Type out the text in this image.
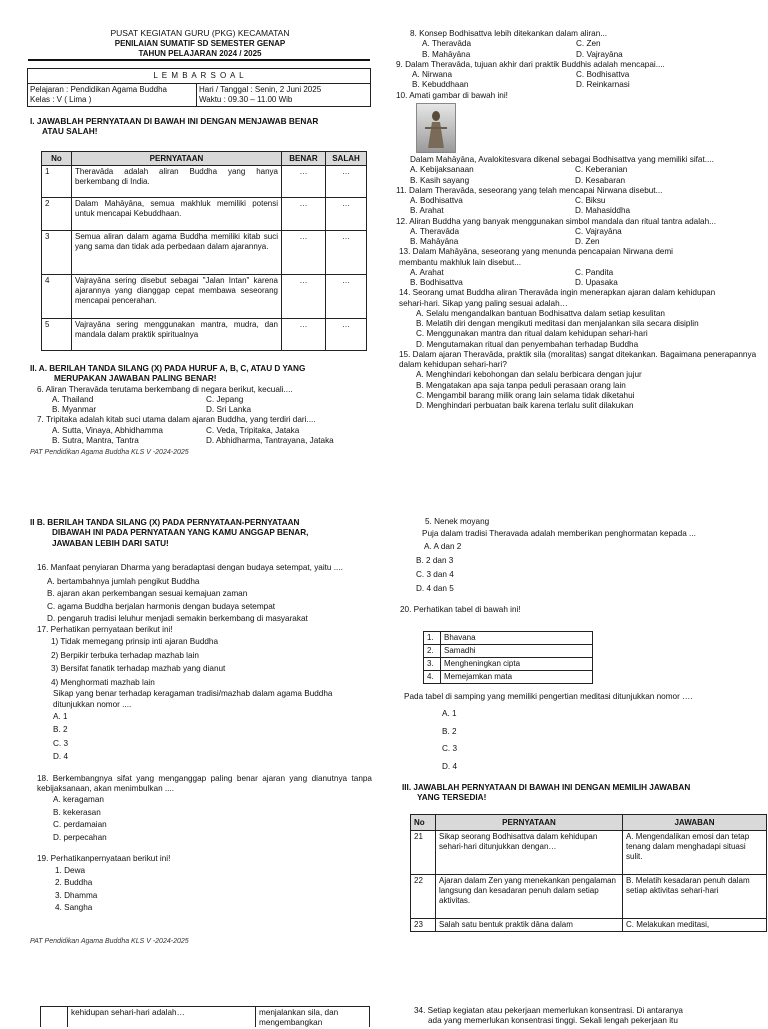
PUSAT KEGIATAN GURU (PKG) KECAMATAN
PENILAIAN SUMATIF SD SEMESTER GENAP
TAHUN PELAJARAN 2024 / 2025
L E M B A R S O A L

Pelajaran : Pendidikan Agama Buddha
Kelas : V ( Lima )

Hari / Tanggal : Senin, 2 Juni 2025
Waktu : 09.30 – 11.00 Wib
I. JAWABLAH PERNYATAAN DI BAWAH INI DENGAN MENJAWAB BENAR
ATAU SALAH!
No	PERNYATAAN	BENAR	SALAH
1	Theravāda adalah aliran Buddha yang hanya berkembang di India.	…	…
2	Dalam Mahāyāna, semua makhluk memiliki potensi untuk mencapai Kebuddhaan.	…	…
3	Semua aliran dalam agama Buddha memiliki kitab suci yang sama dan tidak ada perbedaan dalam ajarannya.	…	…
4	Vajrayāna sering disebut sebagai "Jalan Intan" karena ajarannya yang dianggap cepat membawa seseorang mencapai pencerahan.	…	…
5	Vajrayāna sering menggunakan mantra, mudra, dan mandala dalam praktik spiritualnya	…	…
II. A. BERILAH TANDA SILANG (X) PADA HURUF A, B, C, ATAU D YANG
MERUPAKAN JAWABAN PALING BENAR!
6. Aliran Theravāda terutama berkembang di negara berikut, kecuali....
A. Thailand	C. Jepang
B. Myanmar	D. Sri Lanka
7. Tripitaka adalah kitab suci utama dalam ajaran Buddha, yang terdiri dari....
A. Sutta, Vinaya, Abhidhamma	C. Veda, Tripitaka, Jataka
B. Sutra, Mantra, Tantra	D. Abhidharma, Tantrayana, Jataka
PAT Pendidikan Agama Buddha KLS V -2024-2025
8. Konsep Bodhisattva lebih ditekankan dalam aliran...
A. Theravāda	C. Zen
B. Mahāyāna	D. Vajrayāna
9. Dalam Theravāda, tujuan akhir dari praktik Buddhis adalah mencapai....
A. Nirwana	C. Bodhisattva
B. Kebuddhaan	D. Reinkarnasi
10. Amati gambar di bawah ini!
Dalam Mahāyāna, Avalokitesvara dikenal sebagai Bodhisattva yang memiliki sifat....
A. Kebijaksanaan	C. Keberanian
B. Kasih sayang	D. Kesabaran
11. Dalam Theravāda, seseorang yang telah mencapai Nirwana disebut...
A. Bodhisattva	C. Biksu
B. Arahat	D. Mahasiddha
12. Aliran Buddha yang banyak menggunakan simbol mandala dan ritual tantra adalah...
A. Theravāda	C. Vajrayāna
B. Mahāyāna	D. Zen
13. Dalam Mahāyāna, seseorang yang menunda pencapaian Nirwana demi membantu makhluk lain disebut...
A. Arahat	C. Pandita
B. Bodhisattva	D. Upasaka
14. Seorang umat Buddha aliran Theravāda ingin menerapkan ajaran dalam kehidupan sehari-hari. Sikap yang paling sesuai adalah…
A. Selalu mengandalkan bantuan Bodhisattva dalam setiap kesulitan
B. Melatih diri dengan mengikuti meditasi dan menjalankan sila secara disiplin
C. Menggunakan mantra dan ritual dalam kehidupan sehari-hari
D. Mengutamakan ritual dan penyembahan terhadap Buddha
15. Dalam ajaran Theravāda, praktik sila (moralitas) sangat ditekankan. Bagaimana penerapannya dalam kehidupan sehari-hari?
A. Menghindari kebohongan dan selalu berbicara dengan jujur
B. Mengatakan apa saja tanpa peduli perasaan orang lain
C. Mengambil barang milik orang lain selama tidak diketahui
D. Menghindari perbuatan baik karena terlalu sulit dilakukan
II B. BERILAH TANDA SILANG (X) PADA PERNYATAAN-PERNYATAAN
DIBAWAH INI PADA PERNYATAAN YANG KAMU ANGGAP BENAR,
JAWABAN LEBIH DARI SATU!
16. Manfaat penyiaran Dharma yang beradaptasi dengan budaya setempat, yaitu ....
A. bertambahnya jumlah pengikut Buddha
B. ajaran akan perkembangan sesuai kemajuan zaman
C. agama Buddha berjalan harmonis dengan budaya setempat
D. pengaruh tradisi leluhur menjadi semakin berkembang di masyarakat
17. Perhatikan pernyataan berikut ini!
1) Tidak memegang prinsip inti ajaran Buddha
2) Berpikir terbuka terhadap mazhab lain
3) Bersifat fanatik terhadap mazhab yang dianut
4) Menghormati mazhab lain
Sikap yang benar terhadap keragaman tradisi/mazhab dalam agama Buddha ditunjukkan nomor ....
A. 1
B. 2
C. 3
D. 4
18. Berkembangnya sifat yang menganggap paling benar ajaran yang dianutnya tanpa kebijaksanaan, akan menimbulkan ....
A. keragaman
B. kekerasan
C. perdamaian
D. perpecahan
19. Perhatikanpernyataan berikut ini!
1. Dewa
2. Buddha
3. Dhamma
4. Sangha
PAT Pendidikan Agama Buddha KLS V -2024-2025
5. Nenek moyang
Puja dalam tradisi Theravada adalah memberikan penghormatan kepada ...
A. A dan 2
B. 2 dan 3
C. 3 dan 4
D. 4 dan 5
20. Perhatikan tabel di bawah ini!
1.	Bhavana
2.	Samadhi
3.	Mengheningkan cipta
4.	Memejamkan mata
Pada tabel di samping yang memiliki pengertian meditasi ditunjukkan nomor ….
A. 1
B. 2
C. 3
D. 4
III. JAWABLAH PERNYATAAN DI BAWAH INI DENGAN MEMILIH JAWABAN
YANG TERSEDIA!
No	PERNYATAAN	JAWABAN
21	Sikap seorang Bodhisattva dalam kehidupan sehari-hari ditunjukkan dengan…	A. Mengendalikan emosi dan tetap tenang dalam menghadapi situasi sulit.
22	Ajaran dalam Zen yang menekankan pengalaman langsung dan kesadaran penuh dalam setiap aktivitas.	B. Melatih kesadaran penuh dalam setiap aktivitas sehari-hari
23	Salah satu bentuk praktik dāna dalam	C. Melakukan meditasi,
kehidupan sehari-hari adalah…	menjalankan sila, dan mengembangkan
34. Setiap kegiatan atau pekerjaan memerlukan konsentrasi. Di antaranya
ada yang memerlukan konsentrasi tinggi. Sekali lengah pekerjaan itu
